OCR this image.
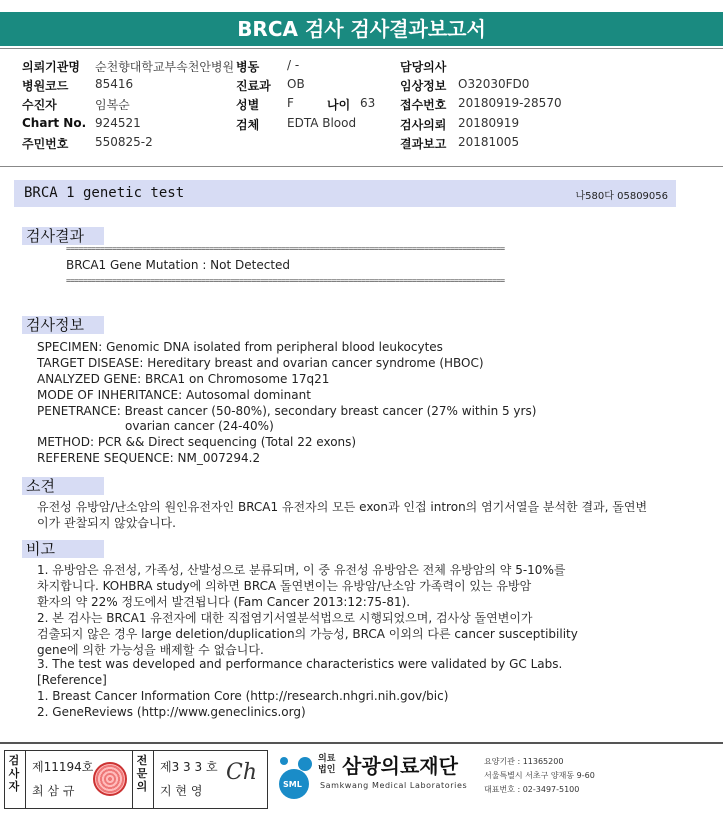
BRCA 검사 검사결과보고서
의뢰기관명 순천향대학교부속천안병원 병동 / -	담당의사
병원코드 85416	진료과 OB	임상정보 O32030FD0
수진자	임복순	성별 F	나이 63 접수번호 20180919-28570
Chart No. 924521	검체 EDTA Blood	검사의뢰 20180919
주민번호 550825-2	결과보고 20181005
BRCA 1 genetic test	나580다 05809056
검사결과
========================================================================================================
BRCA1 Gene Mutation : Not Detected
========================================================================================================
검사정보
SPECIMEN: Genomic DNA isolated from peripheral blood leukocytes
TARGET DISEASE: Hereditary breast and ovarian cancer syndrome (HBOC)
ANALYZED GENE: BRCA1 on Chromosome 17q21
MODE OF INHERITANCE: Autosomal dominant
PENETRANCE: Breast cancer (50-80%), secondary breast cancer (27% within 5 yrs)
ovarian cancer (24-40%)
METHOD: PCR && Direct sequencing (Total 22 exons)
REFERENE SEQUENCE: NM_007294.2
소견
유전성 유방암/난소암의 원인유전자인 BRCA1 유전자의 모든 exon과 인접 intron의 염기서열을 분석한 결과, 돌연변
이가 관찰되지 않았습니다.
비고
1. 유방암은 유전성, 가족성, 산발성으로 분류되며, 이 중 유전성 유방암은 전체 유방암의 약 5-10%를
차지합니다. KOHBRA study에 의하면 BRCA 돌연변이는 유방암/난소암 가족력이 있는 유방암
환자의 약 22% 정도에서 발견됩니다 (Fam Cancer 2013:12:75-81).
2. 본 검사는 BRCA1 유전자에 대한 직접염기서열분석법으로 시행되었으며, 검사상 돌연변이가
검출되지 않은 경우 large deletion/duplication의 가능성, BRCA 이외의 다른 cancer susceptibility
gene에 의한 가능성을 배제할 수 없습니다.
3. The test was developed and performance characteristics were validated by GC Labs.
[Reference]
1. Breast Cancer Information Core (http://research.nhgri.nih.gov/bic)
2. GeneReviews (http://www.geneclinics.org)
검
사
자
제11194호
최 삼 규
전
문
의
제3 3 3 호
지 현 영
Ch	SML
의료법인 삼광의료재단
Samkwang Medical Laboratories
요양기관 : 11365200
서울특별시 서초구 양재동 9-60
대표번호 : 02-3497-5100
